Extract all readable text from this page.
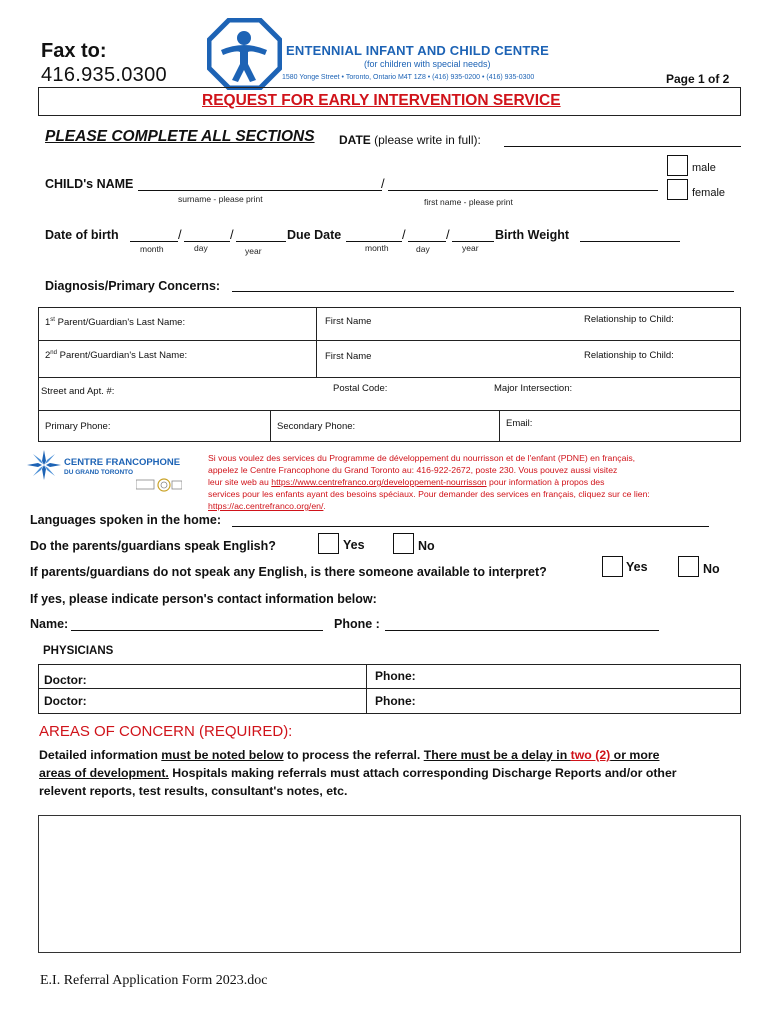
Fax to:
416.935.0300
ENTENNIAL INFANT AND CHILD CENTRE
(for children with special needs)
1580 Yonge Street • Toronto, Ontario M4T 1Z8 • (416) 935-0200 • (416) 935-0300	Page 1 of 2
REQUEST FOR EARLY INTERVENTION SERVICE
PLEASE COMPLETE ALL SECTIONS DATE (please write in full):
male
female
CHILD's NAME	/
surname - please print	first name - please print
Date of birth	/	/
month	day	year
Due Date	/	/
month	day	year
Birth Weight
Diagnosis/Primary Concerns:
1st Parent/Guardian's Last Name:	First Name	Relationship to Child:
2nd Parent/Guardian's Last Name:	First Name	Relationship to Child:
Street and Apt. #:	Postal Code:	Major Intersection:
Primary Phone:	Secondary Phone:	Email:
CENTRE FRANCOPHONE
DU GRAND TORONTO
Si vous voulez des services du Programme de développement du nourrisson et de l'enfant (PDNE) en français,
appelez le Centre Francophone du Grand Toronto au: 416-922-2672, poste 230. Vous pouvez aussi visitez
leur site web au https://www.centrefranco.org/developpement-nourrisson pour information à propos des
services pour les enfants ayant des besoins spéciaux. Pour demander des services en français, cliquez sur ce lien:
https://ac.centrefranco.org/en/.
Languages spoken in the home:
Do the parents/guardians speak English?	Yes	No
If parents/guardians do not speak any English, is there someone available to interpret?	Yes	No
If yes, please indicate person's contact information below:
Name:	Phone :
PHYSICIANS
Doctor:	Phone:
Doctor:	Phone:
AREAS OF CONCERN (REQUIRED):
Detailed information must be noted below to process the referral. There must be a delay in two (2) or more
areas of development. Hospitals making referrals must attach corresponding Discharge Reports and/or other
relevent reports, test results, consultant's notes, etc.
E.I. Referral Application Form 2023.doc
